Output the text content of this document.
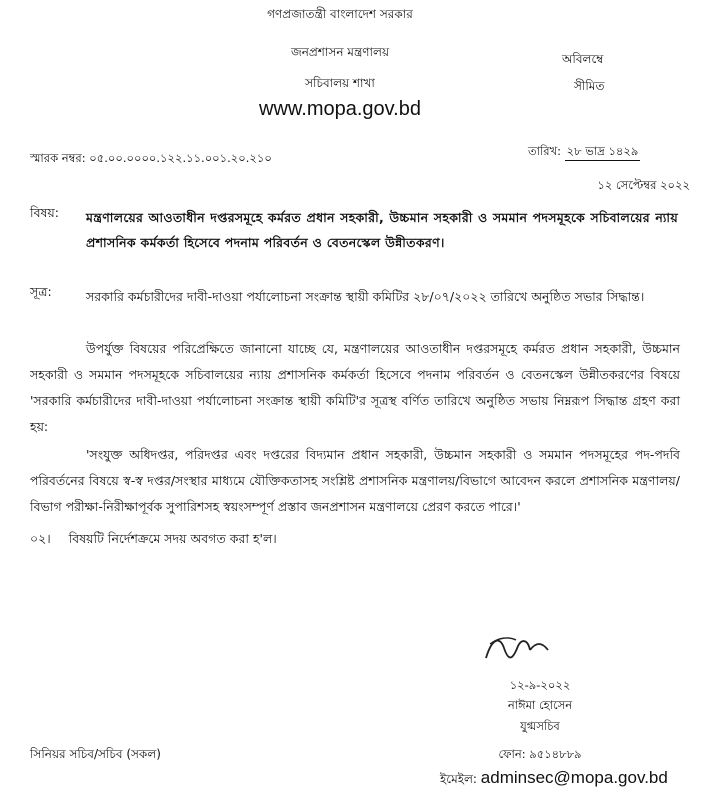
গণপ্রজাতন্ত্রী বাংলাদেশ সরকার
জনপ্রশাসন মন্ত্রণালয়
সচিবালয় শাখা
www.mopa.gov.bd
অবিলম্বে
সীমিত
স্মারক নম্বর: ০৫.০০.০০০০.১২২.১১.০০১.২০.২১০	তারিখ: ২৮ ভাদ্র ১৪২৯
১২ সেপ্টেম্বর ২০২২
বিষয়: মন্ত্রণালয়ের আওতাধীন দপ্তরসমূহে কর্মরত প্রধান সহকারী, উচ্চমান সহকারী ও সমমান পদসমূহকে সচিবালয়ের ন্যায় প্রশাসনিক কর্মকর্তা হিসেবে পদনাম পরিবর্তন ও বেতনস্কেল উন্নীতকরণ।
সূত্র:	সরকারি কর্মচারীদের দাবী-দাওয়া পর্যালোচনা সংক্রান্ত স্থায়ী কমিটির ২৮/০৭/২০২২ তারিখে অনুষ্ঠিত সভার সিদ্ধান্ত।
উপর্যুক্ত বিষয়ের পরিপ্রেক্ষিতে জানানো যাচ্ছে যে, মন্ত্রণালয়ের আওতাধীন দপ্তরসমূহে কর্মরত প্রধান সহকারী, উচ্চমান সহকারী ও সমমান পদসমূহকে সচিবালয়ের ন্যায় প্রশাসনিক কর্মকর্তা হিসেবে পদনাম পরিবর্তন ও বেতনস্কেল উন্নীতকরণের বিষয়ে 'সরকারি কর্মচারীদের দাবী-দাওয়া পর্যালোচনা সংক্রান্ত স্থায়ী কমিটি'র সূত্রস্থ বর্ণিত তারিখে অনুষ্ঠিত সভায় নিম্নরূপ সিদ্ধান্ত গ্রহণ করা হয়:
'সংযুক্ত অধিদপ্তর, পরিদপ্তর এবং দপ্তরের বিদ্যমান প্রধান সহকারী, উচ্চমান সহকারী ও সমমান পদসমূহের পদ-পদবি পরিবর্তনের বিষয়ে স্ব-স্ব দপ্তর/সংস্থার মাধ্যমে যৌক্তিকতাসহ সংশ্লিষ্ট প্রশাসনিক মন্ত্রণালয়/বিভাগে আবেদন করলে প্রশাসনিক মন্ত্রণালয়/বিভাগ পরীক্ষা-নিরীক্ষাপূর্বক সুপারিশসহ স্বয়ংসম্পূর্ণ প্রস্তাব জনপ্রশাসন মন্ত্রণালয়ে প্রেরণ করতে পারে।'
০২। বিষয়টি নির্দেশক্রমে সদয় অবগত করা হ'ল।
১২-৯-২০২২
নাঈমা হোসেন
যুগ্মসচিব
ফোন: ৯৫১৪৮৮৯
ইমেইল: adminsec@mopa.gov.bd
সিনিয়র সচিব/সচিব (সকল)
